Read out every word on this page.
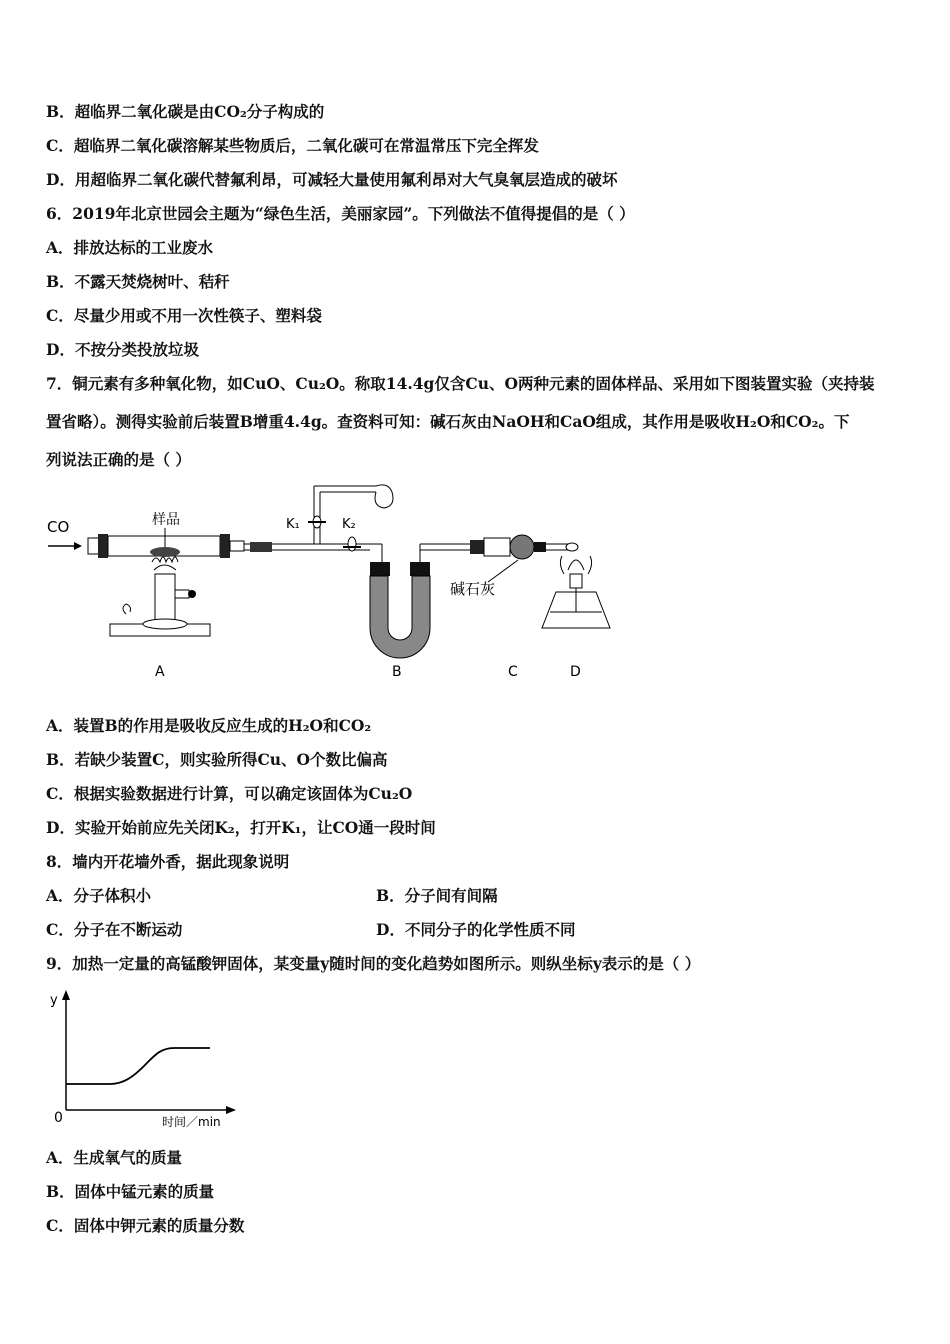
B．超临界二氧化碳是由CO₂分子构成的
C．超临界二氧化碳溶解某些物质后，二氧化碳可在常温常压下完全挥发
D．用超临界二氧化碳代替氟利昂，可减轻大量使用氟利昂对大气臭氧层造成的破坏
6．2019年北京世园会主题为“绿色生活，美丽家园”。下列做法不值得提倡的是（ ）
A．排放达标的工业废水
B．不露天焚烧树叶、秸秆
C．尽量少用或不用一次性筷子、塑料袋
D．不按分类投放垃圾
7．铜元素有多种氧化物，如CuO、Cu₂O。称取14.4g仅含Cu、O两种元素的固体样品、采用如下图装置实验（夹持装
置省略）。测得实验前后装置B增重4.4g。查资料可知：碱石灰由NaOH和CaO组成，其作用是吸收H₂O和CO₂。下
列说法正确的是（ ）
CO	样品	K₁	K₂
碱石灰
A	B	C	D
A．装置B的作用是吸收反应生成的H₂O和CO₂
B．若缺少装置C，则实验所得Cu、O个数比偏高
C．根据实验数据进行计算，可以确定该固体为Cu₂O
D．实验开始前应先关闭K₂，打开K₁，让CO通一段时间
8．墙内开花墙外香，据此现象说明
A．分子体积小	B．分子间有间隔
C．分子在不断运动	D．不同分子的化学性质不同
9．加热一定量的高锰酸钾固体，某变量y随时间的变化趋势如图所示。则纵坐标y表示的是（ ）
y
0	时间／min
A．生成氧气的质量
B．固体中锰元素的质量
C．固体中钾元素的质量分数
